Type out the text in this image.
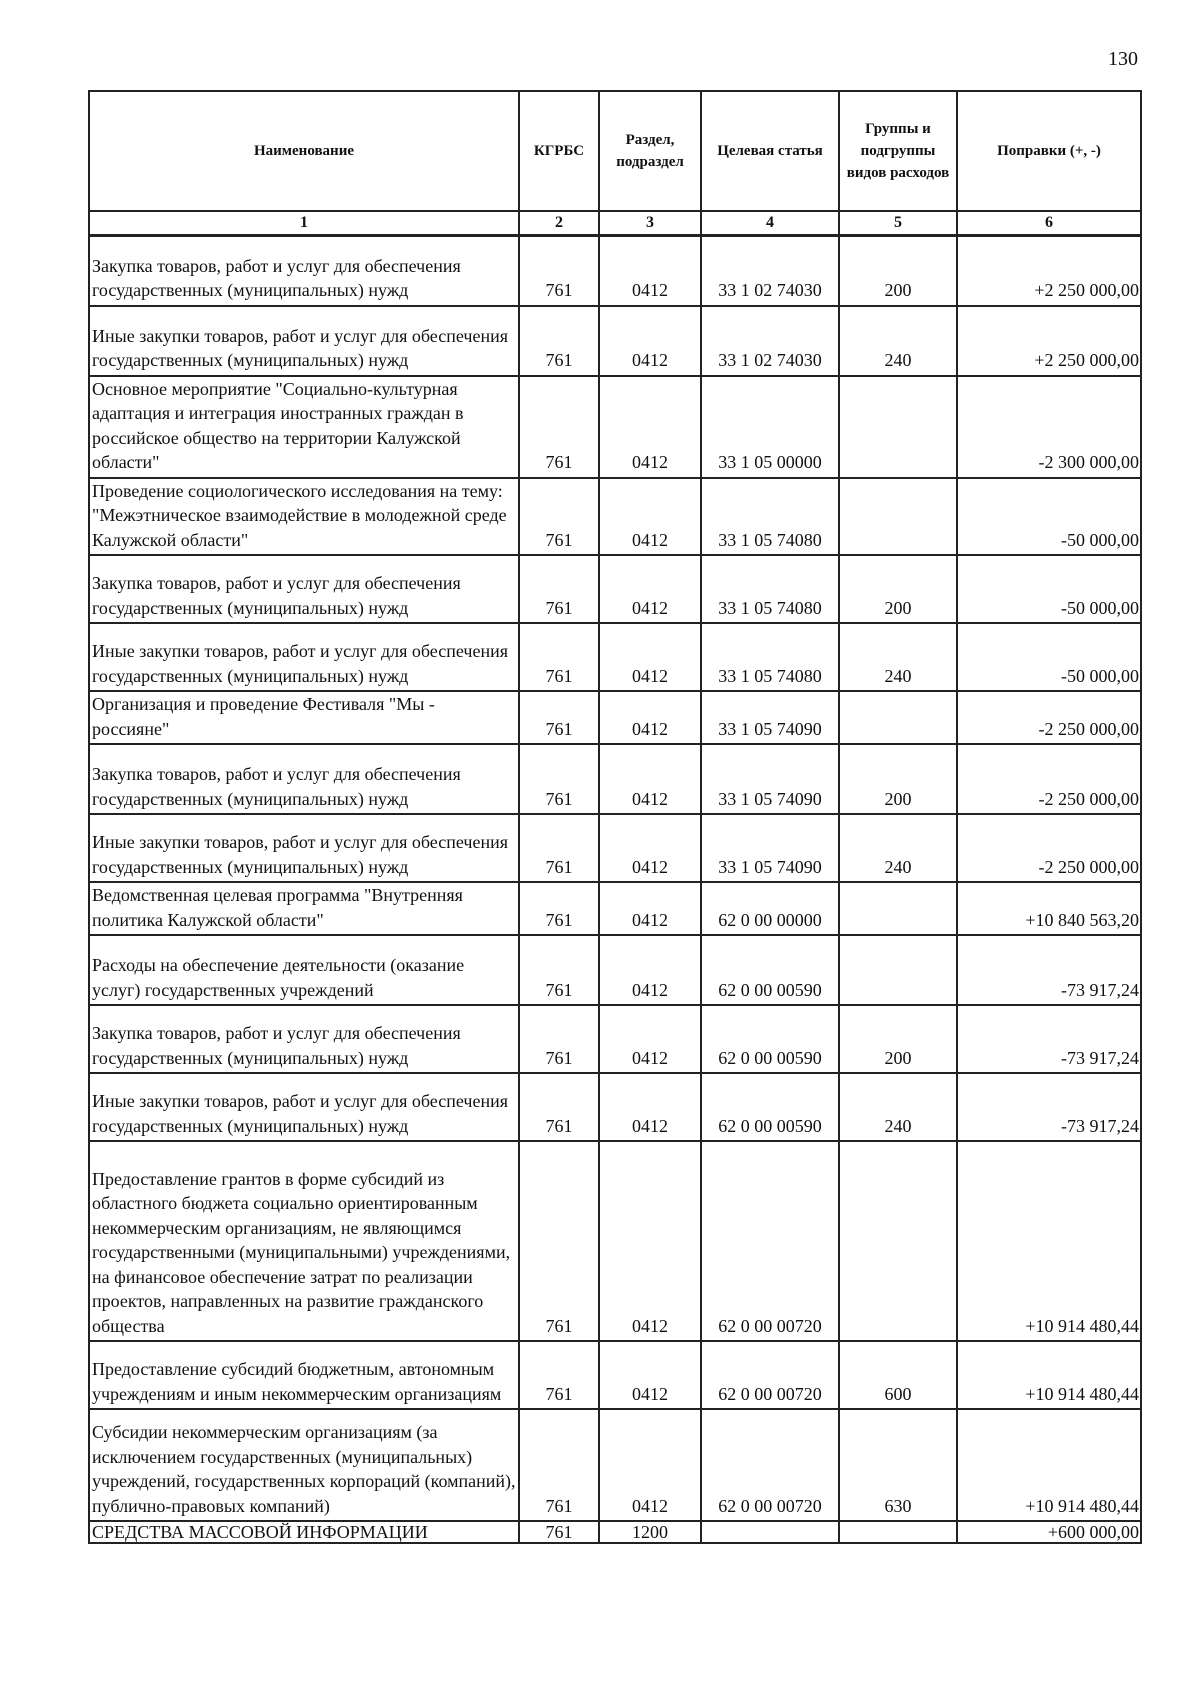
130
Наименование	КГРБС	Раздел, подраздел	Целевая статья	Группы и подгруппы видов расходов	Поправки (+, -)
1	2	3	4	5	6
Закупка товаров, работ и услуг для обеспечения государственных (муниципальных) нужд	761	0412	33 1 02 74030	200	+2 250 000,00
Иные закупки товаров, работ и услуг для обеспечения государственных (муниципальных) нужд	761	0412	33 1 02 74030	240	+2 250 000,00
Основное мероприятие "Социально-культурная адаптация и интеграция иностранных граждан в российское общество на территории Калужской области"	761	0412	33 1 05 00000		-2 300 000,00
Проведение социологического исследования на тему: "Межэтническое взаимодействие в молодежной среде Калужской области"	761	0412	33 1 05 74080		-50 000,00
Закупка товаров, работ и услуг для обеспечения государственных (муниципальных) нужд	761	0412	33 1 05 74080	200	-50 000,00
Иные закупки товаров, работ и услуг для обеспечения государственных (муниципальных) нужд	761	0412	33 1 05 74080	240	-50 000,00
Организация и проведение Фестиваля "Мы - россияне"	761	0412	33 1 05 74090		-2 250 000,00
Закупка товаров, работ и услуг для обеспечения государственных (муниципальных) нужд	761	0412	33 1 05 74090	200	-2 250 000,00
Иные закупки товаров, работ и услуг для обеспечения государственных (муниципальных) нужд	761	0412	33 1 05 74090	240	-2 250 000,00
Ведомственная целевая программа "Внутренняя политика Калужской области"	761	0412	62 0 00 00000		+10 840 563,20
Расходы на обеспечение деятельности (оказание услуг) государственных учреждений	761	0412	62 0 00 00590		-73 917,24
Закупка товаров, работ и услуг для обеспечения государственных (муниципальных) нужд	761	0412	62 0 00 00590	200	-73 917,24
Иные закупки товаров, работ и услуг для обеспечения государственных (муниципальных) нужд	761	0412	62 0 00 00590	240	-73 917,24
Предоставление грантов в форме субсидий из областного бюджета социально ориентированным некоммерческим организациям, не являющимся государственными (муниципальными) учреждениями, на финансовое обеспечение затрат по реализации проектов, направленных на развитие гражданского общества	761	0412	62 0 00 00720		+10 914 480,44
Предоставление субсидий бюджетным, автономным учреждениям и иным некоммерческим организациям	761	0412	62 0 00 00720	600	+10 914 480,44
Субсидии некоммерческим организациям (за исключением государственных (муниципальных) учреждений, государственных корпораций (компаний), публично-правовых компаний)	761	0412	62 0 00 00720	630	+10 914 480,44
СРЕДСТВА МАССОВОЙ ИНФОРМАЦИИ	761	1200			+600 000,00
